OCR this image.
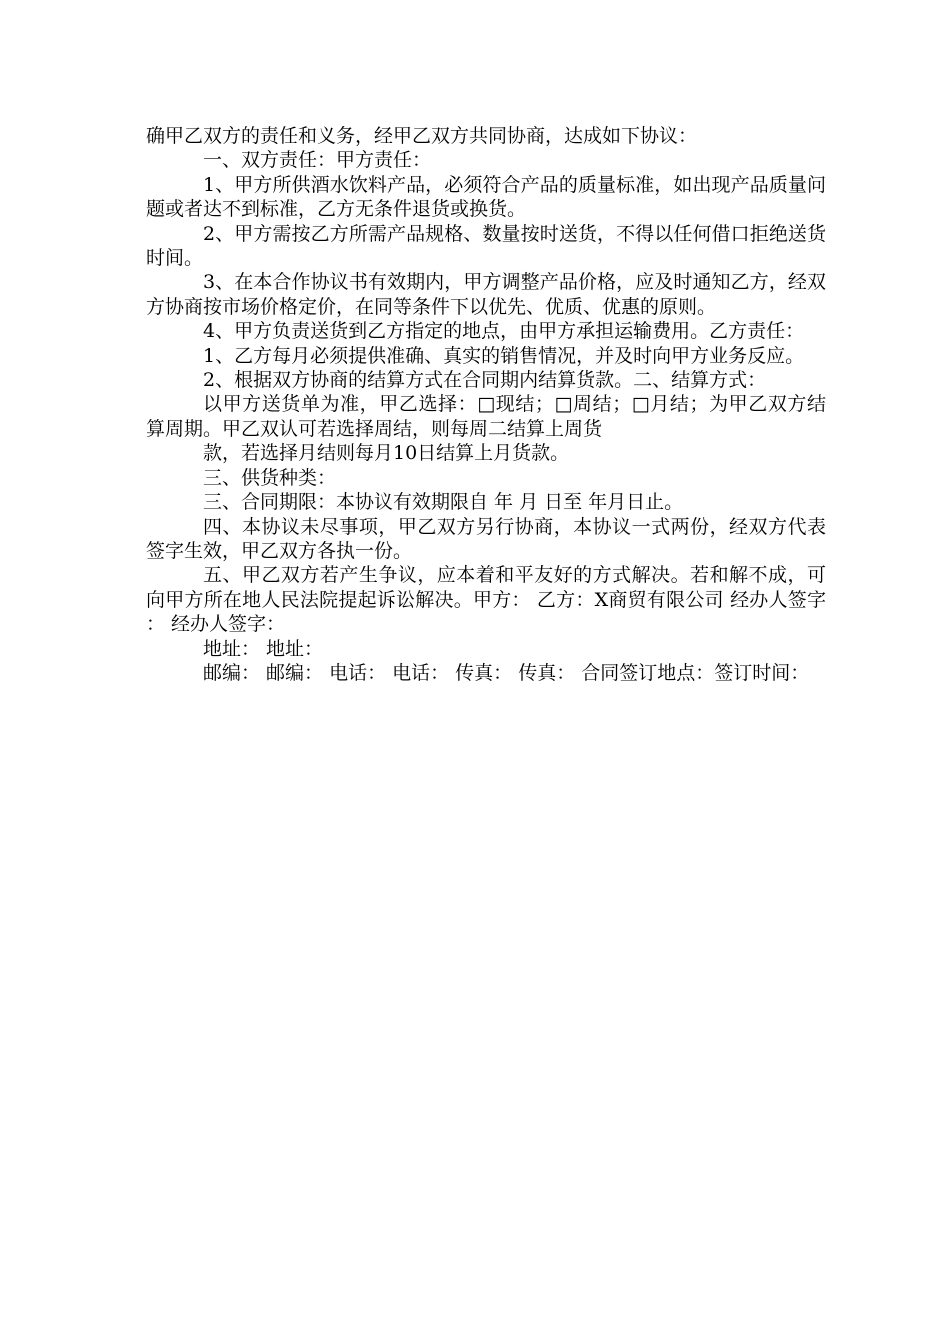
确甲乙双方的责任和义务，经甲乙双方共同协商，达成如下协议：

一、双方责任：甲方责任：

1、甲方所供酒水饮料产品，必须符合产品的质量标准，如出现产品质量问题或者达不到标准，乙方无条件退货或换货。

2、甲方需按乙方所需产品规格、数量按时送货，不得以任何借口拒绝送货时间。

3、在本合作协议书有效期内，甲方调整产品价格，应及时通知乙方，经双方协商按市场价格定价，在同等条件下以优先、优质、优惠的原则。

4、甲方负责送货到乙方指定的地点，由甲方承担运输费用。乙方责任：

1、乙方每月必须提供准确、真实的销售情况，并及时向甲方业务反应。

2、根据双方协商的结算方式在合同期内结算货款。二、结算方式：

以甲方送货单为准，甲乙选择：□现结；□周结；□月结；为甲乙双方结算周期。甲乙双认可若选择周结，则每周二结算上周货

款，若选择月结则每月10日结算上月货款。

三、供货种类：

三、合同期限：本协议有效期限自 年 月 日至 年月日止。

四、本协议未尽事项，甲乙双方另行协商，本协议一式两份，经双方代表签字生效，甲乙双方各执一份。

五、甲乙双方若产生争议，应本着和平友好的方式解决。若和解不成，可向甲方所在地人民法院提起诉讼解决。甲方： 乙方：X商贸有限公司 经办人签字： 经办人签字：

地址： 地址：

邮编： 邮编： 电话： 电话： 传真： 传真： 合同签订地点：签订时间：
